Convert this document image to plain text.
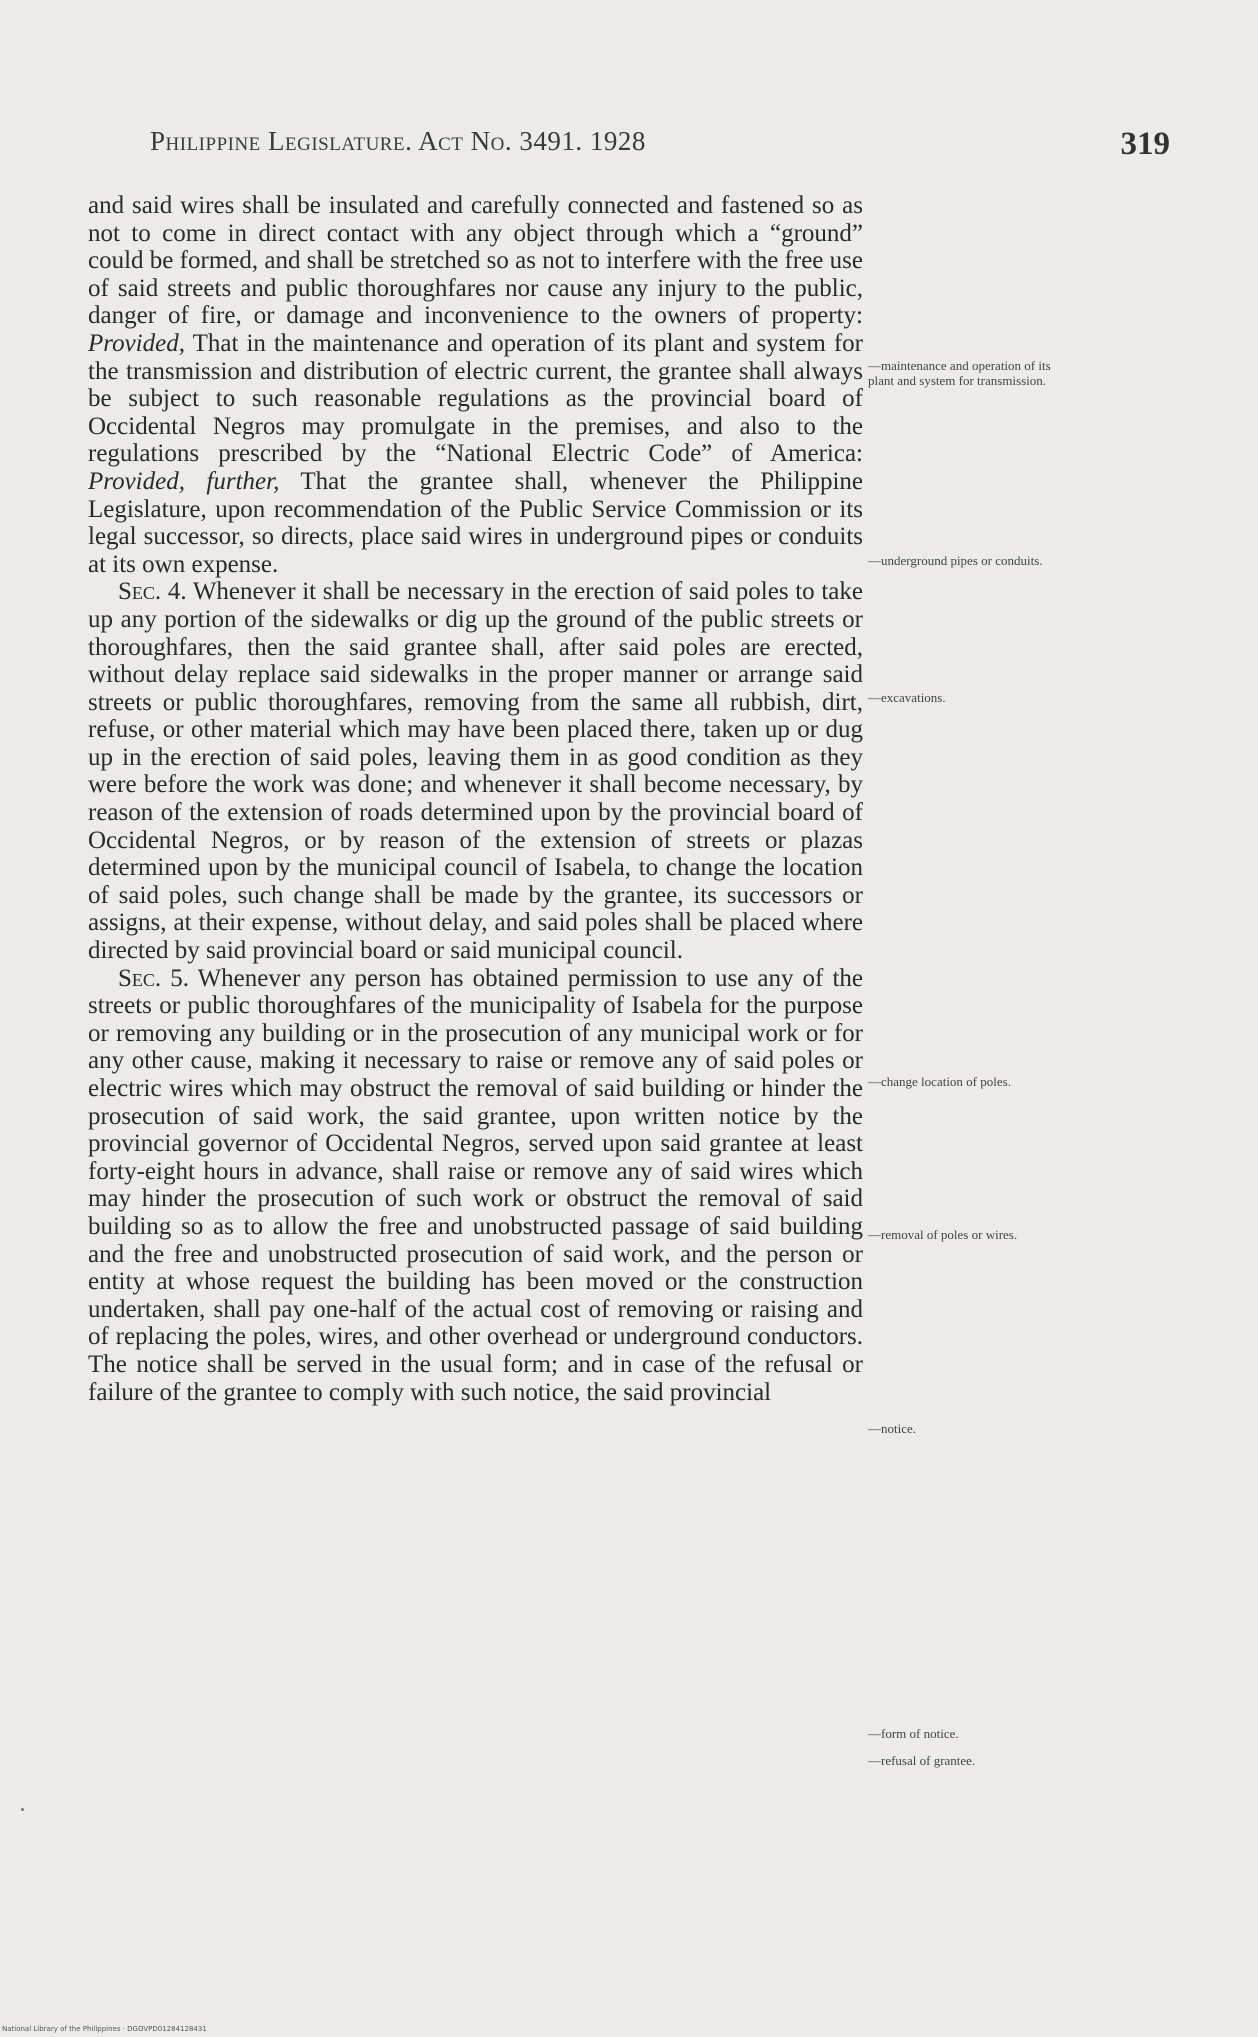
Philippine Legislature. Act No. 3491. 1928	319

and said wires shall be insulated and carefully connected and fastened so as not to come in direct contact with any object through which a “ground” could be formed, and shall be stretched so as not to interfere with the free use of said streets and public thoroughfares nor cause any injury to the public, danger of fire, or damage and inconvenience to the owners of property: Provided, That in the maintenance and operation of its plant and system for the transmission and distribution of electric current, the grantee shall always be subject to such reasonable regulations as the provincial board of Occidental Negros may promulgate in the premises, and also to the regulations prescribed by the “National Electric Code” of America: Provided, further, That the grantee shall, whenever the Philippine Legislature, upon recommendation of the Public Service Commission or its legal successor, so directs, place said wires in underground pipes or conduits at its own expense.

Sec. 4. Whenever it shall be necessary in the erection of said poles to take up any portion of the sidewalks or dig up the ground of the public streets or thoroughfares, then the said grantee shall, after said poles are erected, without delay replace said sidewalks in the proper manner or arrange said streets or public thoroughfares, removing from the same all rubbish, dirt, refuse, or other material which may have been placed there, taken up or dug up in the erection of said poles, leaving them in as good condition as they were before the work was done; and whenever it shall become necessary, by reason of the extension of roads determined upon by the provincial board of Occidental Negros, or by reason of the extension of streets or plazas determined upon by the municipal council of Isabela, to change the location of said poles, such change shall be made by the grantee, its successors or assigns, at their expense, without delay, and said poles shall be placed where directed by said provincial board or said municipal council.

Sec. 5. Whenever any person has obtained permission to use any of the streets or public thoroughfares of the municipality of Isabela for the purpose or removing any building or in the prosecution of any municipal work or for any other cause, making it necessary to raise or remove any of said poles or electric wires which may obstruct the removal of said building or hinder the prosecution of said work, the said grantee, upon written notice by the provincial governor of Occidental Negros, served upon said grantee at least forty-eight hours in advance, shall raise or remove any of said wires which may hinder the prosecution of such work or obstruct the removal of said building so as to allow the free and unobstructed passage of said building and the free and unobstructed prosecution of said work, and the person or entity at whose request the building has been moved or the construction undertaken, shall pay one-half of the actual cost of removing or raising and of replacing the poles, wires, and other overhead or underground conductors. The notice shall be served in the usual form; and in case of the refusal or failure of the grantee to comply with such notice, the said provincial

—maintenance and operation of its plant and system for transmission.
—underground pipes or conduits.
—excavations.
—change location of poles.
—removal of poles or wires.
—notice.
—form of notice.
—refusal of grantee.
National Library of the Philippines · DGOVPD01284128431
